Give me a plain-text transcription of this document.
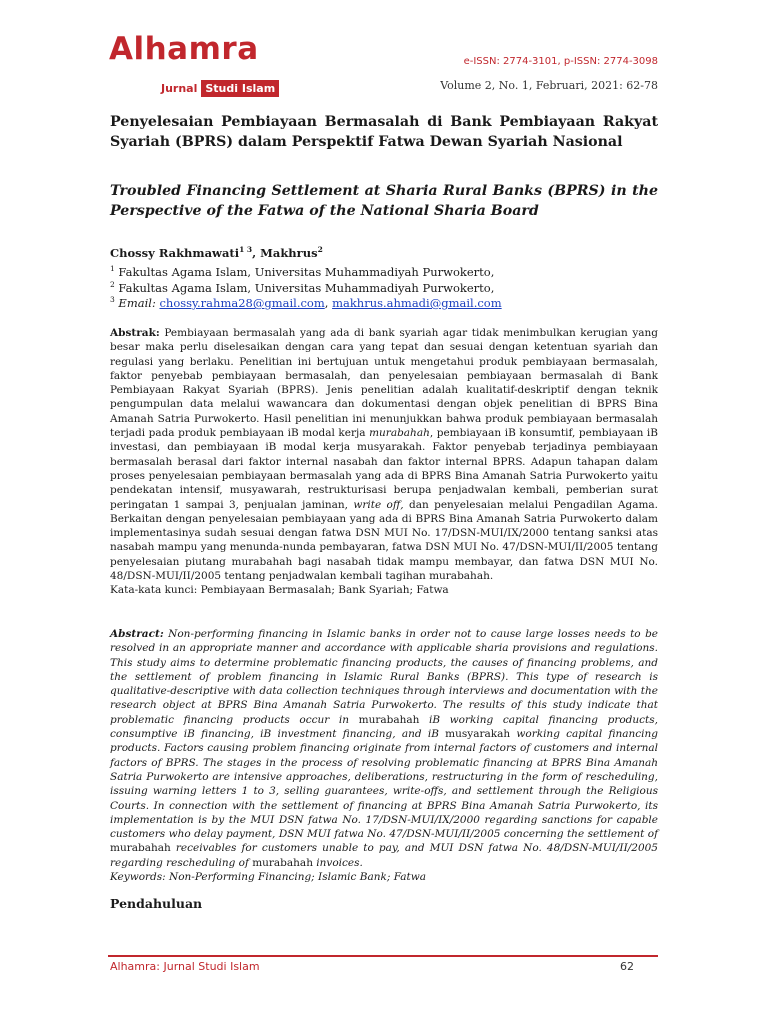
Alhamra
Jurnal Studi Islam
e-ISSN: 2774-3101, p-ISSN: 2774-3098
Volume 2, No. 1, Februari, 2021: 62-78
Penyelesaian Pembiayaan Bermasalah di Bank Pembiayaan Rakyat Syariah (BPRS) dalam Perspektif Fatwa Dewan Syariah Nasional
Troubled Financing Settlement at Sharia Rural Banks (BPRS) in the Perspective of the Fatwa of the National Sharia Board
Chossy Rakhmawati$^{1 3}$, Makhrus$^2$
$^1$ Fakultas Agama Islam, Universitas Muhammadiyah Purwokerto,
$^2$ Fakultas Agama Islam, Universitas Muhammadiyah Purwokerto,
$^3$ Email: chossy.rahma28@gmail.com, makhrus.ahmadi@gmail.com

Abstrak: Pembiayaan bermasalah yang ada di bank syariah agar tidak menimbulkan kerugian yang besar maka perlu diselesaikan dengan cara yang tepat dan sesuai dengan ketentuan syariah dan regulasi yang berlaku. Penelitian ini bertujuan untuk mengetahui produk pembiayaan bermasalah, faktor penyebab pembiayaan bermasalah, dan penyelesaian pembiayaan bermasalah di Bank Pembiayaan Rakyat Syariah (BPRS). Jenis penelitian adalah kualitatif-deskriptif dengan teknik pengumpulan data melalui wawancara dan dokumentasi dengan objek penelitian di BPRS Bina Amanah Satria Purwokerto. Hasil penelitian ini menunjukkan bahwa produk pembiayaan bermasalah terjadi pada produk pembiayaan iB modal kerja murabahah, pembiayaan iB konsumtif, pembiayaan iB investasi, dan pembiayaan iB modal kerja musyarakah. Faktor penyebab terjadinya pembiayaan bermasalah berasal dari faktor internal nasabah dan faktor internal BPRS. Adapun tahapan dalam proses penyelesaian pembiayaan bermasalah yang ada di BPRS Bina Amanah Satria Purwokerto yaitu pendekatan intensif, musyawarah, restrukturisasi berupa penjadwalan kembali, pemberian surat peringatan 1 sampai 3, penjualan jaminan, write off, dan penyelesaian melalui Pengadilan Agama. Berkaitan dengan penyelesaian pembiayaan yang ada di BPRS Bina Amanah Satria Purwokerto dalam implementasinya sudah sesuai dengan fatwa DSN MUI No. 17/DSN-MUI/IX/2000 tentang sanksi atas nasabah mampu yang menunda-nunda pembayaran, fatwa DSN MUI No. 47/DSN-MUI/II/2005 tentang penyelesaian piutang murabahah bagi nasabah tidak mampu membayar, dan fatwa DSN MUI No. 48/DSN-MUI/II/2005 tentang penjadwalan kembali tagihan murabahah.

Kata-kata kunci: Pembiayaan Bermasalah; Bank Syariah; Fatwa

Abstract: Non-performing financing in Islamic banks in order not to cause large losses needs to be resolved in an appropriate manner and accordance with applicable sharia provisions and regulations. This study aims to determine problematic financing products, the causes of financing problems, and the settlement of problem financing in Islamic Rural Banks (BPRS). This type of research is qualitative-descriptive with data collection techniques through interviews and documentation with the research object at BPRS Bina Amanah Satria Purwokerto. The results of this study indicate that problematic financing products occur in murabahah iB working capital financing products, consumptive iB financing, iB investment financing, and iB musyarakah working capital financing products. Factors causing problem financing originate from internal factors of customers and internal factors of BPRS. The stages in the process of resolving problematic financing at BPRS Bina Amanah Satria Purwokerto are intensive approaches, deliberations, restructuring in the form of rescheduling, issuing warning letters 1 to 3, selling guarantees, write-offs, and settlement through the Religious Courts. In connection with the settlement of financing at BPRS Bina Amanah Satria Purwokerto, its implementation is by the MUI DSN fatwa No. 17/DSN-MUI/IX/2000 regarding sanctions for capable customers who delay payment, DSN MUI fatwa No. 47/DSN-MUI/II/2005 concerning the settlement of murabahah receivables for customers unable to pay, and MUI DSN fatwa No. 48/DSN-MUI/II/2005 regarding rescheduling of murabahah invoices.

Keywords: Non-Performing Financing; Islamic Bank; Fatwa

Pendahuluan
Alhamra: Jurnal Studi Islam	62
